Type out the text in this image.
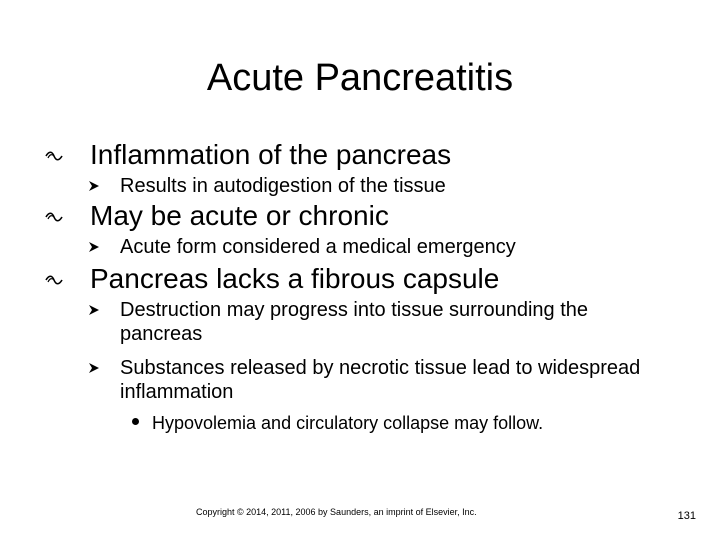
Acute Pancreatitis
Inflammation of the pancreas
Results in autodigestion of the tissue
May be acute or chronic
Acute form considered a medical emergency
Pancreas lacks a fibrous capsule
Destruction may progress into tissue surrounding the pancreas
Substances released by necrotic tissue lead to widespread inflammation
Hypovolemia and circulatory collapse may follow.
Copyright © 2014, 2011, 2006 by Saunders, an imprint of Elsevier, Inc.	131
